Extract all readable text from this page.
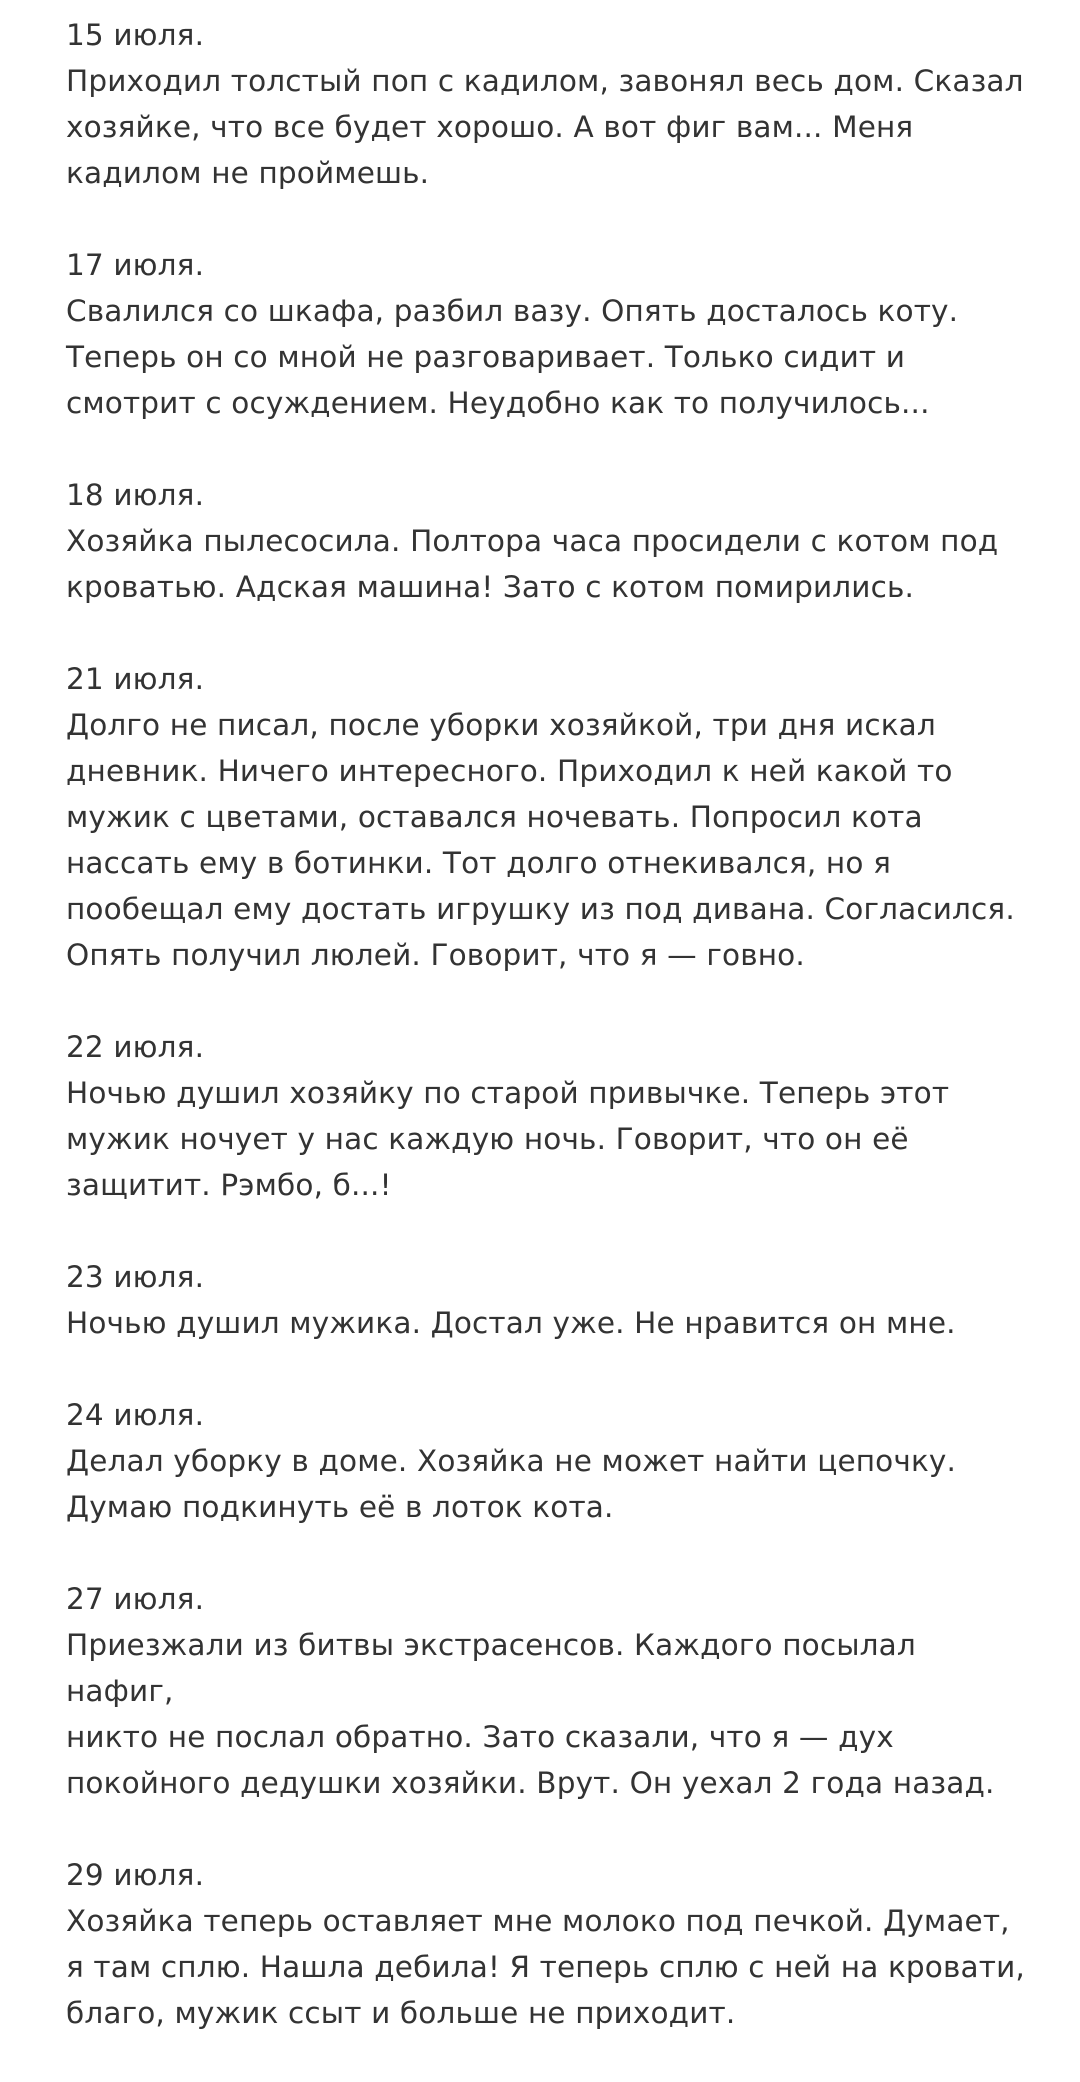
15 июля.
Приходил толстый поп с кадилом, завонял весь дом. Сказал
хозяйке, что все будет хорошо. А вот фиг вам... Меня
кадилом не проймешь.
17 июля.
Свалился со шкафа, разбил вазу. Опять досталось коту.
Теперь он со мной не разговаривает. Только сидит и
смотрит с осуждением. Неудобно как то получилось...
18 июля.
Хозяйка пылесосила. Полтора часа просидели с котом под
кроватью. Адская машина! Зато с котом помирились.
21 июля.
Долго не писал, после уборки хозяйкой, три дня искал
дневник. Ничего интересного. Приходил к ней какой то
мужик с цветами, оставался ночевать. Попросил кота
нассать ему в ботинки. Тот долго отнекивался, но я
пообещал ему достать игрушку из под дивана. Согласился.
Опять получил люлей. Говорит, что я — говно.
22 июля.
Ночью душил хозяйку по старой привычке. Теперь этот
мужик ночует у нас каждую ночь. Говорит, что он её
защитит. Рэмбо, б...!
23 июля.
Ночью душил мужика. Достал уже. Не нравится он мне.
24 июля.
Делал уборку в доме. Хозяйка не может найти цепочку.
Думаю подкинуть её в лоток кота.
27 июля.
Приезжали из битвы экстрасенсов. Каждого посылал нафиг,
никто не послал обратно. Зато сказали, что я — дух
покойного дедушки хозяйки. Врут. Он уехал 2 года назад.
29 июля.
Хозяйка теперь оставляет мне молоко под печкой. Думает,
я там сплю. Нашла дебила! Я теперь сплю с ней на кровати,
благо, мужик ссыт и больше не приходит.
